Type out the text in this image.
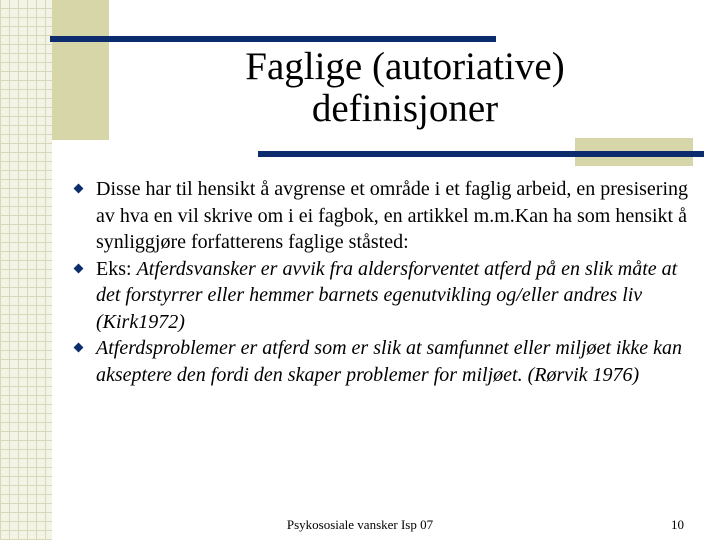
Faglige (autoriative)
definisjoner
Disse har til hensikt å avgrense et område i et faglig arbeid, en presisering av hva en vil skrive om i ei fagbok, en artikkel m.m.Kan ha som hensikt å synliggjøre forfatterens faglige ståsted:
Eks: Atferdsvansker er avvik fra aldersforventet atferd på en slik måte at det forstyrrer eller hemmer barnets egenutvikling og/eller andres liv (Kirk1972)
Atferdsproblemer er atferd som er slik at samfunnet eller miljøet ikke kan akseptere den fordi den skaper problemer for miljøet. (Rørvik 1976)
Psykososiale vansker Isp 07	10
